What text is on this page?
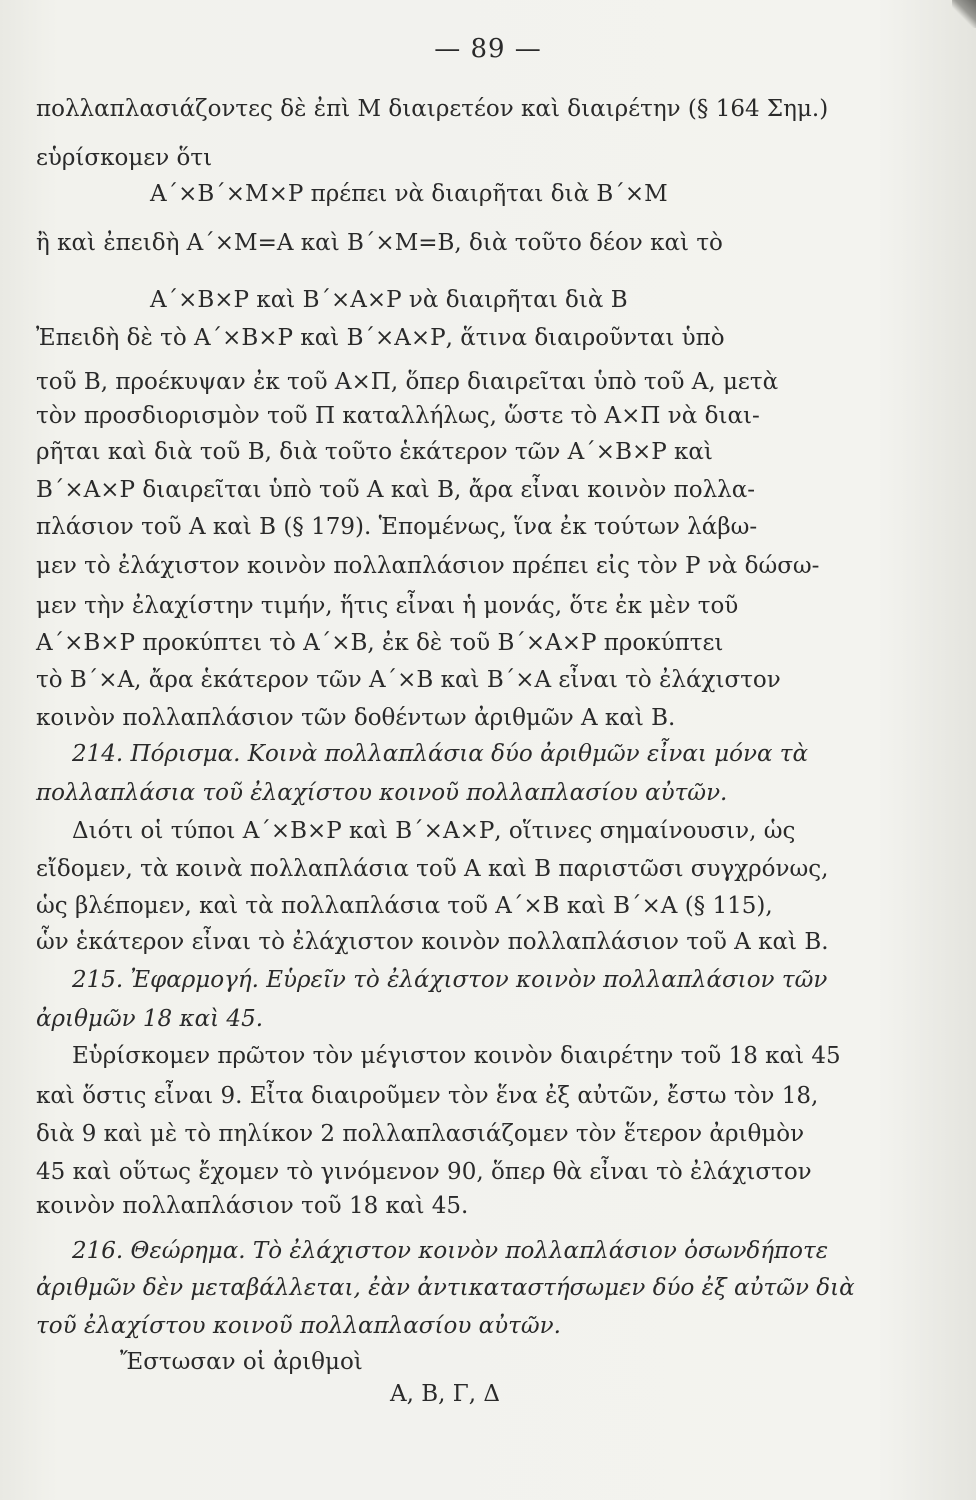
— 89 —
πολλαπλασιάζοντες δὲ ἐπὶ Μ διαιρετέον καὶ διαιρέτην (§ 164 Σημ.)
εὑρίσκομεν ὅτι
Α΄×Β΄×Μ×Ρ πρέπει νὰ διαιρῆται διὰ Β΄×Μ
ἢ καὶ ἐπειδὴ Α΄×Μ=Α καὶ Β΄×Μ=Β, διὰ τοῦτο δέον καὶ τὸ
Α΄×Β×Ρ καὶ Β΄×Α×Ρ νὰ διαιρῆται διὰ Β
Ἐπειδὴ δὲ τὸ Α΄×Β×Ρ καὶ Β΄×Α×Ρ, ἅτινα διαιροῦνται ὑπὸ
τοῦ Β, προέκυψαν ἐκ τοῦ Α×Π, ὅπερ διαιρεῖται ὑπὸ τοῦ Α, μετὰ
τὸν προσδιορισμὸν τοῦ Π καταλλήλως, ὥστε τὸ Α×Π νὰ διαι-
ρῆται καὶ διὰ τοῦ Β, διὰ τοῦτο ἑκάτερον τῶν Α΄×Β×Ρ καὶ
Β΄×Α×Ρ διαιρεῖται ὑπὸ τοῦ Α καὶ Β, ἄρα εἶναι κοινὸν πολλα-
πλάσιον τοῦ Α καὶ Β (§ 179). Ἑπομένως, ἵνα ἐκ τούτων λάβω-
μεν τὸ ἐλάχιστον κοινὸν πολλαπλάσιον πρέπει εἰς τὸν Ρ νὰ δώσω-
μεν τὴν ἐλαχίστην τιμήν, ἥτις εἶναι ἡ μονάς, ὅτε ἐκ μὲν τοῦ
Α΄×Β×Ρ προκύπτει τὸ Α΄×Β, ἐκ δὲ τοῦ Β΄×Α×Ρ προκύπτει
τὸ Β΄×Α, ἄρα ἑκάτερον τῶν Α΄×Β καὶ Β΄×Α εἶναι τὸ ἐλάχιστον
κοινὸν πολλαπλάσιον τῶν δοθέντων ἀριθμῶν Α καὶ Β.
214. Πόρισμα. Κοινὰ πολλαπλάσια δύο ἀριθμῶν εἶναι μόνα τὰ
πολλαπλάσια τοῦ ἐλαχίστου κοινοῦ πολλαπλασίου αὐτῶν.
Διότι οἱ τύποι Α΄×Β×Ρ καὶ Β΄×Α×Ρ, οἵτινες σημαίνουσιν, ὡς
εἴδομεν, τὰ κοινὰ πολλαπλάσια τοῦ Α καὶ Β παριστῶσι συγχρόνως,
ὡς βλέπομεν, καὶ τὰ πολλαπλάσια τοῦ Α΄×Β καὶ Β΄×Α (§ 115),
ὧν ἑκάτερον εἶναι τὸ ἐλάχιστον κοινὸν πολλαπλάσιον τοῦ Α καὶ Β.
215. Ἐφαρμογή. Εὑρεῖν τὸ ἐλάχιστον κοινὸν πολλαπλάσιον τῶν
ἀριθμῶν 18 καὶ 45.
Εὑρίσκομεν πρῶτον τὸν μέγιστον κοινὸν διαιρέτην τοῦ 18 καὶ 45
καὶ ὅστις εἶναι 9. Εἶτα διαιροῦμεν τὸν ἕνα ἐξ αὐτῶν, ἔστω τὸν 18,
διὰ 9 καὶ μὲ τὸ πηλίκον 2 πολλαπλασιάζομεν τὸν ἕτερον ἀριθμὸν
45 καὶ οὕτως ἔχομεν τὸ γινόμενον 90, ὅπερ θὰ εἶναι τὸ ἐλάχιστον
κοινὸν πολλαπλάσιον τοῦ 18 καὶ 45.
216. Θεώρημα. Τὸ ἐλάχιστον κοινὸν πολλαπλάσιον ὁσωνδήποτε
ἀριθμῶν δὲν μεταβάλλεται, ἐὰν ἀντικαταστήσωμεν δύο ἐξ αὐτῶν διὰ
τοῦ ἐλαχίστου κοινοῦ πολλαπλασίου αὐτῶν.
Ἔστωσαν οἱ ἀριθμοὶ
Α, Β, Γ, Δ
